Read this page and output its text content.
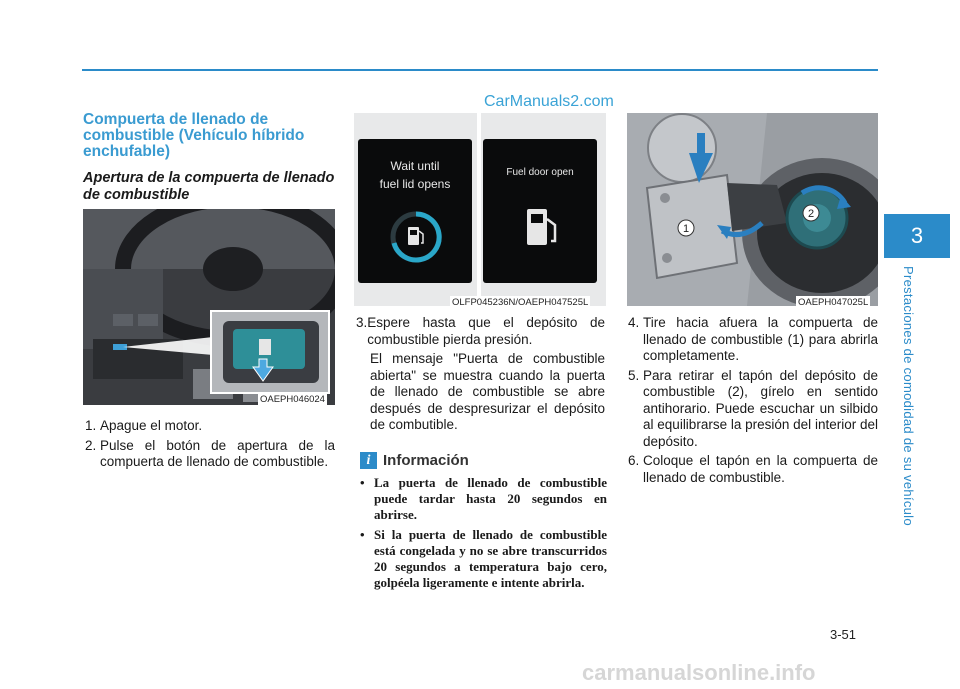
CarManuals2.com
3
Prestaciones de comodidad de su vehículo
Compuerta de llenado de combustible (Vehículo híbrido enchufable)
Apertura de la compuerta de llenado de combustible
OAEPH046024
1. Apague el motor.
2. Pulse el botón de apertura de la compuerta de llenado de combustible.
Wait until
fuel lid opens
Fuel door open
OLFP045236N/OAEPH047525L
3. Espere hasta que el depósito de combustible pierda presión.
El mensaje "Puerta de combustible abierta" se muestra cuando la puerta de llenado de combustible se abre después de despresurizar el depósito de combutible.
i Información
• La puerta de llenado de combustible puede tardar hasta 20 segundos en abrirse.
• Si la puerta de llenado de combustible está congelada y no se abre transcurridos 20 segundos a temperatura bajo cero, golpéela ligeramente e intente abrirla.
1
2
OAEPH047025L
4. Tire hacia afuera la compuerta de llenado de combustible (1) para abrirla completamente.
5. Para retirar el tapón del depósito de combustible (2), gírelo en sentido antihorario. Puede escuchar un silbido al equilibrarse la presión del interior del depósito.
6. Coloque el tapón en la compuerta de llenado de combustible.
3-51
carmanualsonline.info
